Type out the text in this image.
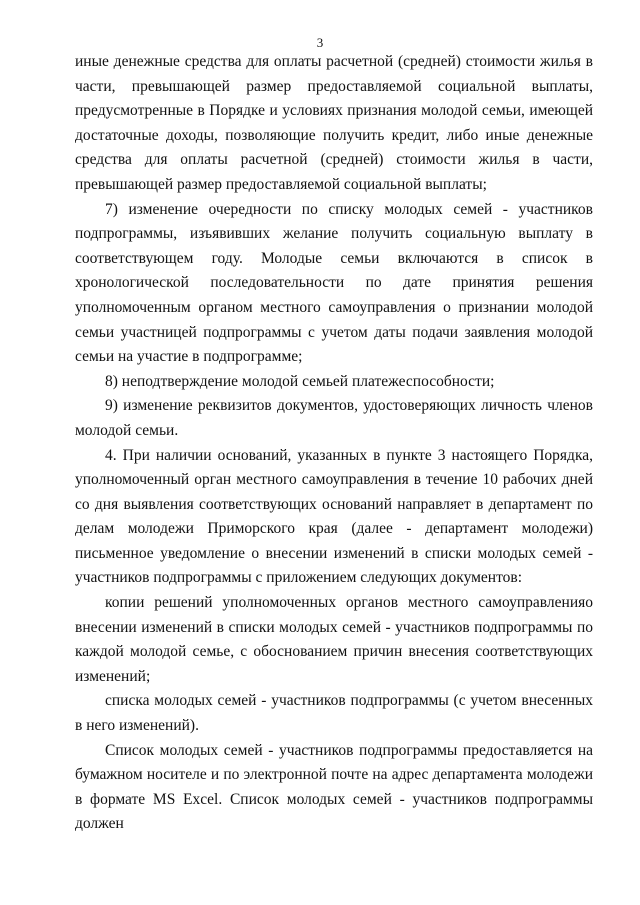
3

иные денежные средства для оплаты расчетной (средней) стоимости жилья в части, превышающей размер предоставляемой социальной выплаты, предусмотренные в Порядке и условиях признания молодой семьи, имеющей достаточные доходы, позволяющие получить кредит, либо иные денежные средства для оплаты расчетной (средней) стоимости жилья в части, превышающей размер предоставляемой социальной выплаты;

7) изменение очередности по списку молодых семей - участников подпрограммы, изъявивших желание получить социальную выплату в соответствующем году. Молодые семьи включаются в список в хронологической последовательности по дате принятия решения уполномоченным органом местного самоуправления о признании молодой семьи участницей подпрограммы с учетом даты подачи заявления молодой семьи на участие в подпрограмме;

8) неподтверждение молодой семьей платежеспособности;

9) изменение реквизитов документов, удостоверяющих личность членов молодой семьи.

4. При наличии оснований, указанных в пункте 3 настоящего Порядка, уполномоченный орган местного самоуправления в течение 10 рабочих дней со дня выявления соответствующих оснований направляет в департамент по делам молодежи Приморского края (далее - департамент молодежи) письменное уведомление о внесении изменений в списки молодых семей - участников подпрограммы с приложением следующих документов:

копии решений уполномоченных органов местного самоуправленияо внесении изменений в списки молодых семей - участников подпрограммы по каждой молодой семье, с обоснованием причин внесения соответствующих изменений;

списка молодых семей - участников подпрограммы (с учетом внесенных в него изменений).

Список молодых семей - участников подпрограммы предоставляется на бумажном носителе и по электронной почте на адрес департамента молодежи в формате MS Excel. Список молодых семей - участников подпрограммы должен
